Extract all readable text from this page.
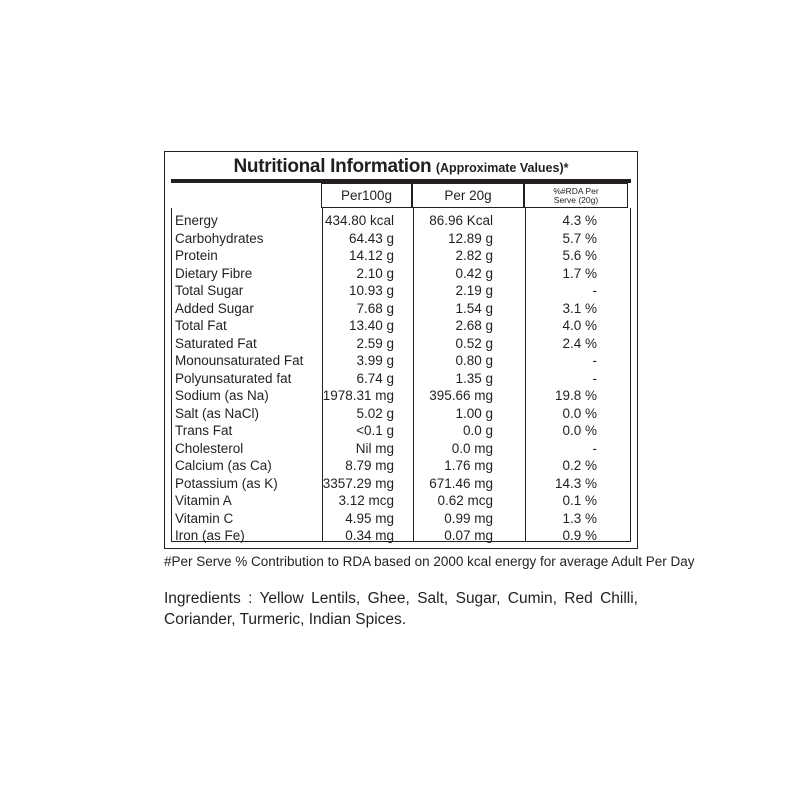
Nutritional Information (Approximate Values)*
Per100g	Per 20g	%#RDA Per
Serve (20g)
Energy	434.80 kcal	86.96 Kcal	4.3 %
Carbohydrates	64.43 g	12.89 g	5.7 %
Protein	14.12 g	2.82 g	5.6 %
Dietary Fibre	2.10 g	0.42 g	1.7 %
Total Sugar	10.93 g	2.19 g	-
Added Sugar	7.68 g	1.54 g	3.1 %
Total Fat	13.40 g	2.68 g	4.0 %
Saturated Fat	2.59 g	0.52 g	2.4 %
Monounsaturated Fat	3.99 g	0.80 g	-
Polyunsaturated fat	6.74 g	1.35 g	-
Sodium (as Na)	1978.31 mg	395.66 mg	19.8 %
Salt (as NaCl)	5.02 g	1.00 g	0.0 %
Trans Fat	<0.1 g	0.0 g	0.0 %
Cholesterol	Nil mg	0.0 mg	-
Calcium (as Ca)	8.79 mg	1.76 mg	0.2 %
Potassium (as K)	3357.29 mg	671.46 mg	14.3 %
Vitamin A	3.12 mcg	0.62 mcg	0.1 %
Vitamin C	4.95 mg	0.99 mg	1.3 %
Iron (as Fe)	0.34 mg	0.07 mg	0.9 %
#Per Serve % Contribution to RDA based on 2000 kcal energy for average Adult Per Day
Ingredients : Yellow Lentils, Ghee, Salt, Sugar, Cumin, Red Chilli, Coriander, Turmeric, Indian Spices.
